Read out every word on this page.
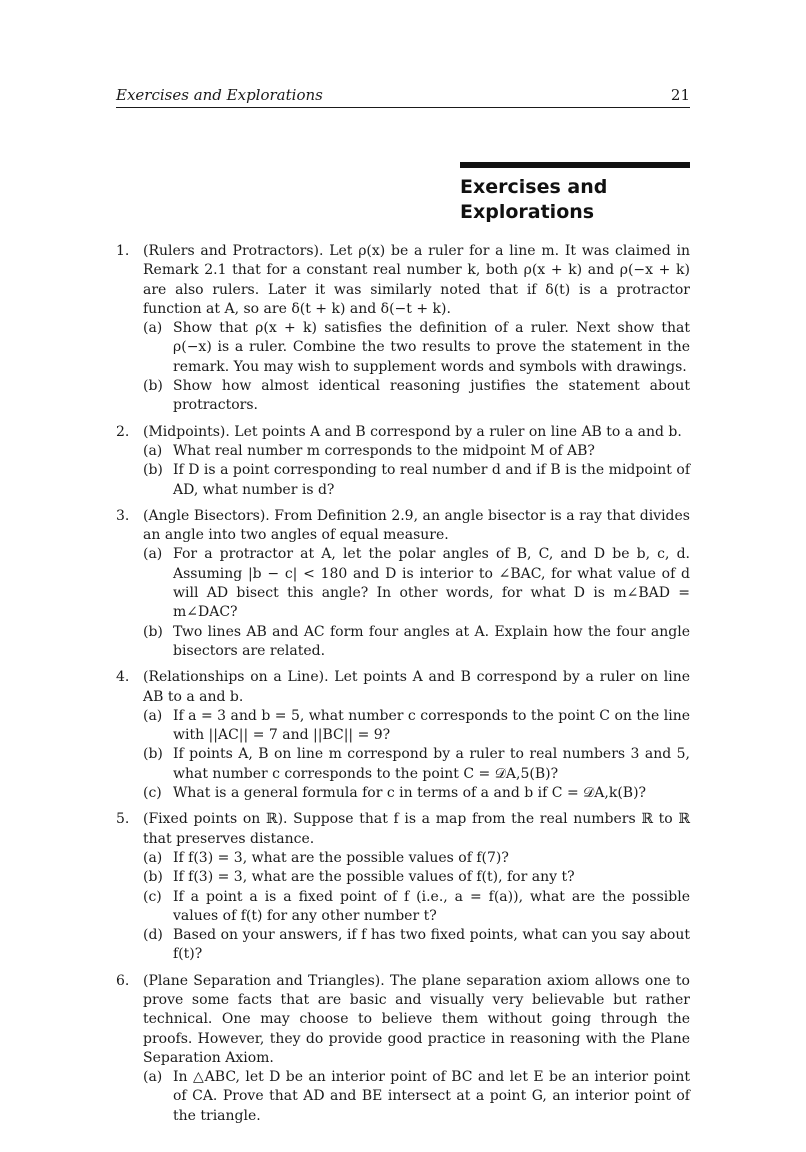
Exercises and Explorations	21
Exercises and
Explorations
1. (Rulers and Protractors). Let ρ(x) be a ruler for a line m. It was claimed in Remark 2.1 that for a constant real number k, both ρ(x + k) and ρ(−x + k) are also rulers. Later it was similarly noted that if δ(t) is a protractor function at A, so are δ(t + k) and δ(−t + k).
(a) Show that ρ(x + k) satisfies the definition of a ruler. Next show that ρ(−x) is a ruler. Combine the two results to prove the statement in the remark. You may wish to supplement words and symbols with drawings.
(b) Show how almost identical reasoning justifies the statement about protractors.
2. (Midpoints). Let points A and B correspond by a ruler on line AB to a and b.
(a) What real number m corresponds to the midpoint M of AB?
(b) If D is a point corresponding to real number d and if B is the midpoint of AD, what number is d?
3. (Angle Bisectors). From Definition 2.9, an angle bisector is a ray that divides an angle into two angles of equal measure.
(a) For a protractor at A, let the polar angles of B, C, and D be b, c, d. Assuming |b − c| < 180 and D is interior to ∠BAC, for what value of d will AD bisect this angle? In other words, for what D is m∠BAD = m∠DAC?
(b) Two lines AB and AC form four angles at A. Explain how the four angle bisectors are related.
4. (Relationships on a Line). Let points A and B correspond by a ruler on line AB to a and b.
(a) If a = 3 and b = 5, what number c corresponds to the point C on the line with ||AC|| = 7 and ||BC|| = 9?
(b) If points A, B on line m correspond by a ruler to real numbers 3 and 5, what number c corresponds to the point C = 𝒟A,5(B)?
(c) What is a general formula for c in terms of a and b if C = 𝒟A,k(B)?
5. (Fixed points on ℝ). Suppose that f is a map from the real numbers ℝ to ℝ that preserves distance.
(a) If f(3) = 3, what are the possible values of f(7)?
(b) If f(3) = 3, what are the possible values of f(t), for any t?
(c) If a point a is a fixed point of f (i.e., a = f(a)), what are the possible values of f(t) for any other number t?
(d) Based on your answers, if f has two fixed points, what can you say about f(t)?
6. (Plane Separation and Triangles). The plane separation axiom allows one to prove some facts that are basic and visually very believable but rather technical. One may choose to believe them without going through the proofs. However, they do provide good practice in reasoning with the Plane Separation Axiom.
(a) In △ABC, let D be an interior point of BC and let E be an interior point of CA. Prove that AD and BE intersect at a point G, an interior point of the triangle.
